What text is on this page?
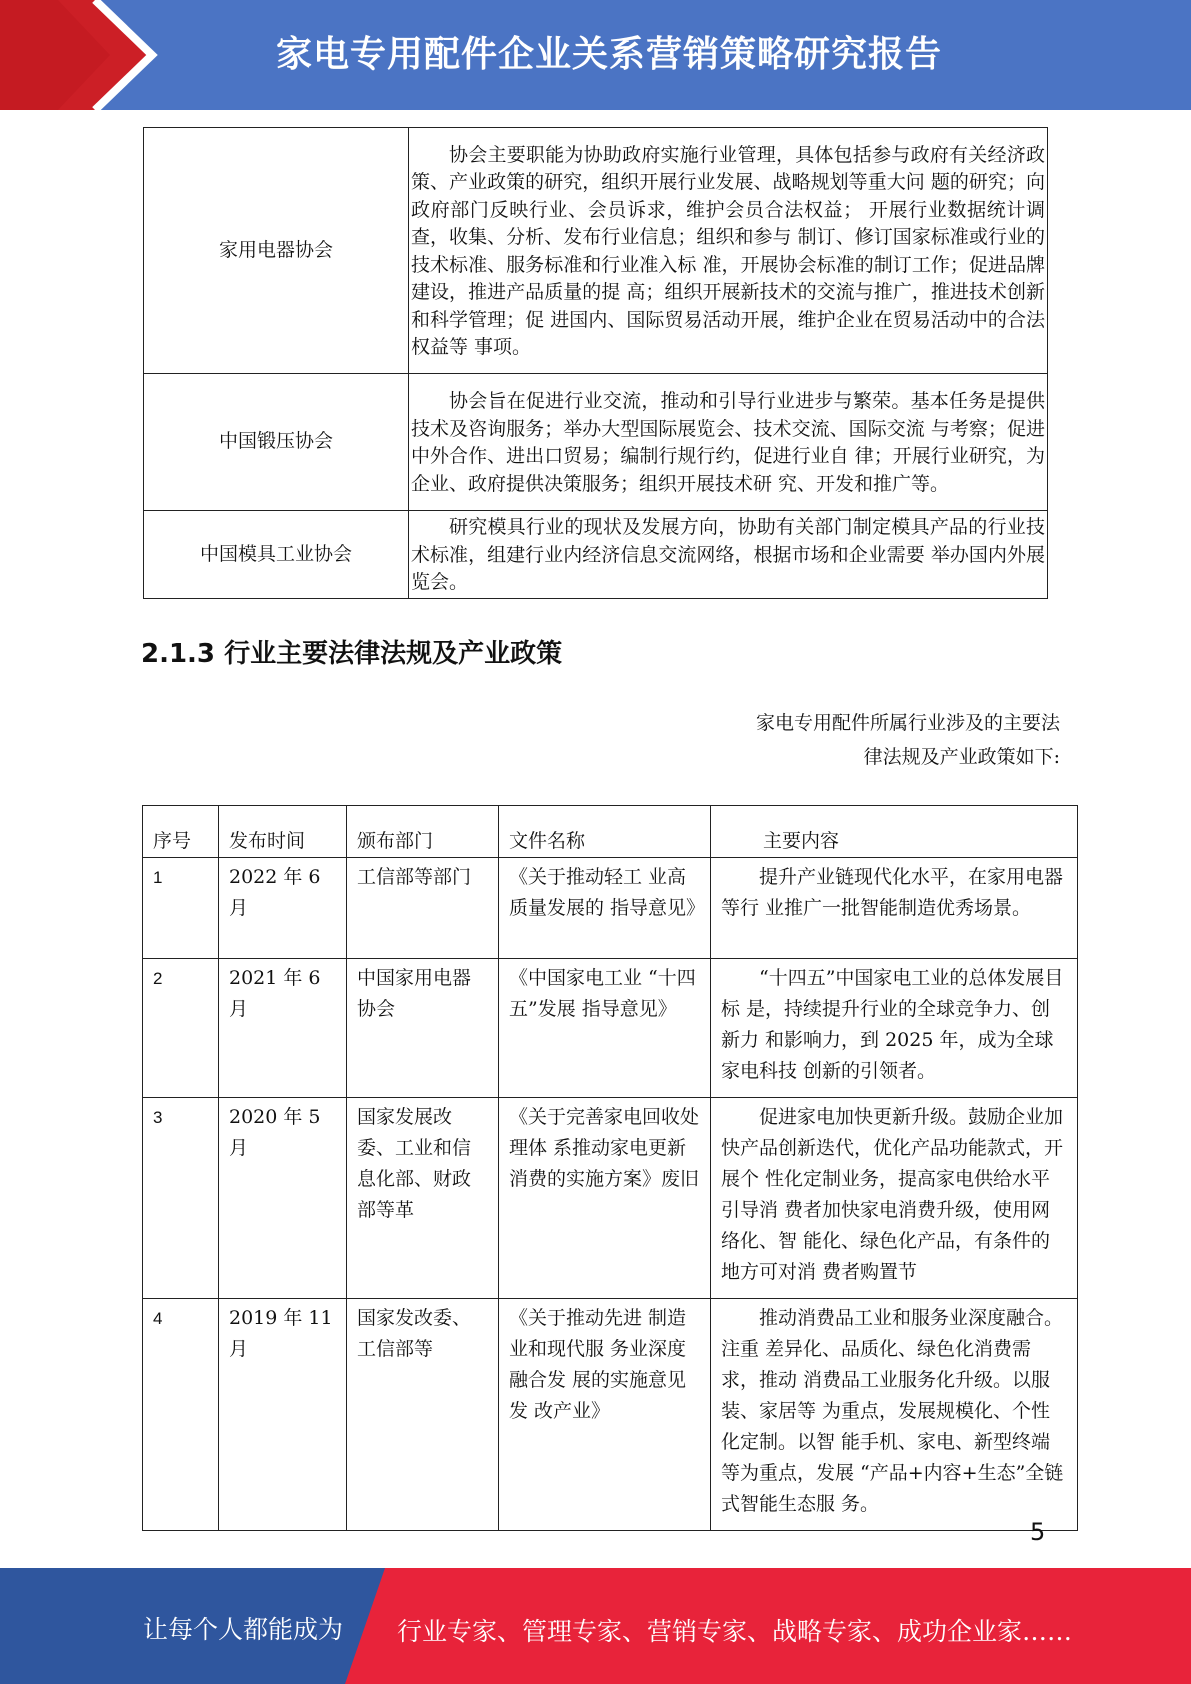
家电专用配件企业关系营销策略研究报告
家用电器协会	协会主要职能为协助政府实施行业管理，具体包括参与政府有关经济政策、产业政策的研究，组织开展行业发展、战略规划等重大问 题的研究；向政府部门反映行业、会员诉求，维护会员合法权益； 开展行业数据统计调查，收集、分析、发布行业信息；组织和参与 制订、修订国家标准或行业的技术标准、服务标准和行业准入标 准，开展协会标准的制订工作；促进品牌建设，推进产品质量的提 高；组织开展新技术的交流与推广，推进技术创新和科学管理；促 进国内、国际贸易活动开展，维护企业在贸易活动中的合法权益等 事项。
中国锻压协会	协会旨在促进行业交流，推动和引导行业进步与繁荣。基本任务是提供技术及咨询服务；举办大型国际展览会、技术交流、国际交流 与考察；促进中外合作、进出口贸易；编制行规行约，促进行业自 律；开展行业研究，为企业、政府提供决策服务；组织开展技术研 究、开发和推广等。
中国模具工业协会	研究模具行业的现状及发展方向，协助有关部门制定模具产品的行业技术标准，组建行业内经济信息交流网络，根据市场和企业需要 举办国内外展览会。
2.1.3 行业主要法律法规及产业政策
家电专用配件所属行业涉及的主要法
律法规及产业政策如下:
序号	发布时间	颁布部门	文件名称	主要内容
1	2022 年 6 月	工信部等部门	《关于推动轻工 业高质量发展的 指导意见》	提升产业链现代化水平，在家用电器等行 业推广一批智能制造优秀场景。
2	2021 年 6 月	中国家用电器协会	《中国家电工业 “十四五”发展 指导意见》	“十四五”中国家电工业的总体发展目标 是，持续提升行业的全球竞争力、创新力 和影响力，到 2025 年，成为全球家电科技 创新的引领者。
3	2020 年 5 月	国家发展改委、工业和信息化部、财政部等革	《关于完善家电回收处理体 系推动家电更新 消费的实施方案》废旧	促进家电加快更新升级。鼓励企业加快产品创新迭代，优化产品功能款式，开展个 性化定制业务，提高家电供给水平引导消 费者加快家电消费升级，使用网络化、智 能化、绿色化产品，有条件的地方可对消 费者购置节
4	2019 年 11 月	国家发改委、工信部等	《关于推动先进 制造业和现代服 务业深度融合发 展的实施意见发 改产业》	推动消费品工业和服务业深度融合。注重 差异化、品质化、绿色化消费需求，推动 消费品工业服务化升级。以服装、家居等 为重点，发展规模化、个性化定制。以智 能手机、家电、新型终端等为重点，发展 “产品+内容+生态”全链式智能生态服 务。
5
让每个人都能成为 行业专家、管理专家、营销专家、战略专家、成功企业家……
